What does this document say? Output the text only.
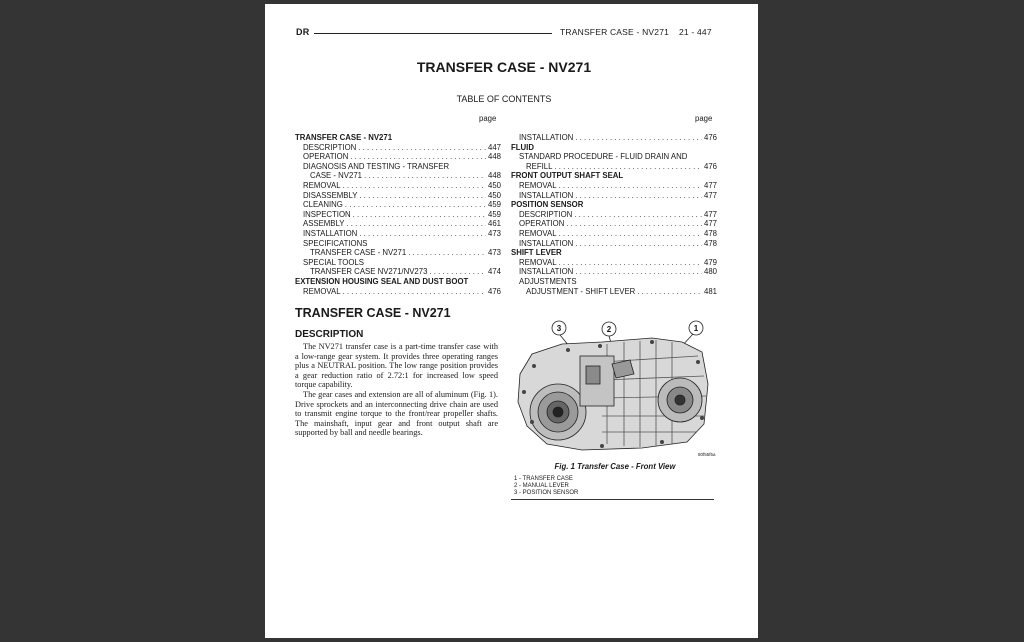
DR	TRANSFER CASE - NV271 21 - 447
TRANSFER CASE - NV271
TABLE OF CONTENTS
page	page
TRANSFER CASE - NV271
DESCRIPTION . . .	447
OPERATION . . .	448
DIAGNOSIS AND TESTING - TRANSFER
CASE - NV271 . . .	448
REMOVAL . . .	450
DISASSEMBLY . . .	450
CLEANING . . .	459
INSPECTION . . .	459
ASSEMBLY . . .	461
INSTALLATION . . .	473
SPECIFICATIONS
TRANSFER CASE - NV271 . . .	473
SPECIAL TOOLS
TRANSFER CASE NV271/NV273 . . .	474
EXTENSION HOUSING SEAL AND DUST BOOT
REMOVAL . . .	476
INSTALLATION . . .	476
FLUID
STANDARD PROCEDURE - FLUID DRAIN AND
REFILL . . .	476
FRONT OUTPUT SHAFT SEAL
REMOVAL . . .	477
INSTALLATION . . .	477
POSITION SENSOR
DESCRIPTION . . .	477
OPERATION . . .	477
REMOVAL . . .	478
INSTALLATION . . .	478
SHIFT LEVER
REMOVAL . . .	479
INSTALLATION . . .	480
ADJUSTMENTS
ADJUSTMENT - SHIFT LEVER . . .	481
TRANSFER CASE - NV271
DESCRIPTION

The NV271 transfer case is a part-time transfer case with a low-range gear system. It provides three operating ranges plus a NEUTRAL position. The low range position provides a gear reduction ratio of 2.72:1 for increased low speed torque capability.

The gear cases and extension are all of aluminum (Fig. 1). Drive sprockets and an interconnecting drive chain are used to transmit engine torque to the front/rear propeller shafts. The mainshaft, input gear and front output shaft are supported by ball and needle bearings.

3	2	1
80f55f5a
Fig. 1 Transfer Case - Front View
1 - TRANSFER CASE
2 - MANUAL LEVER
3 - POSITION SENSOR
